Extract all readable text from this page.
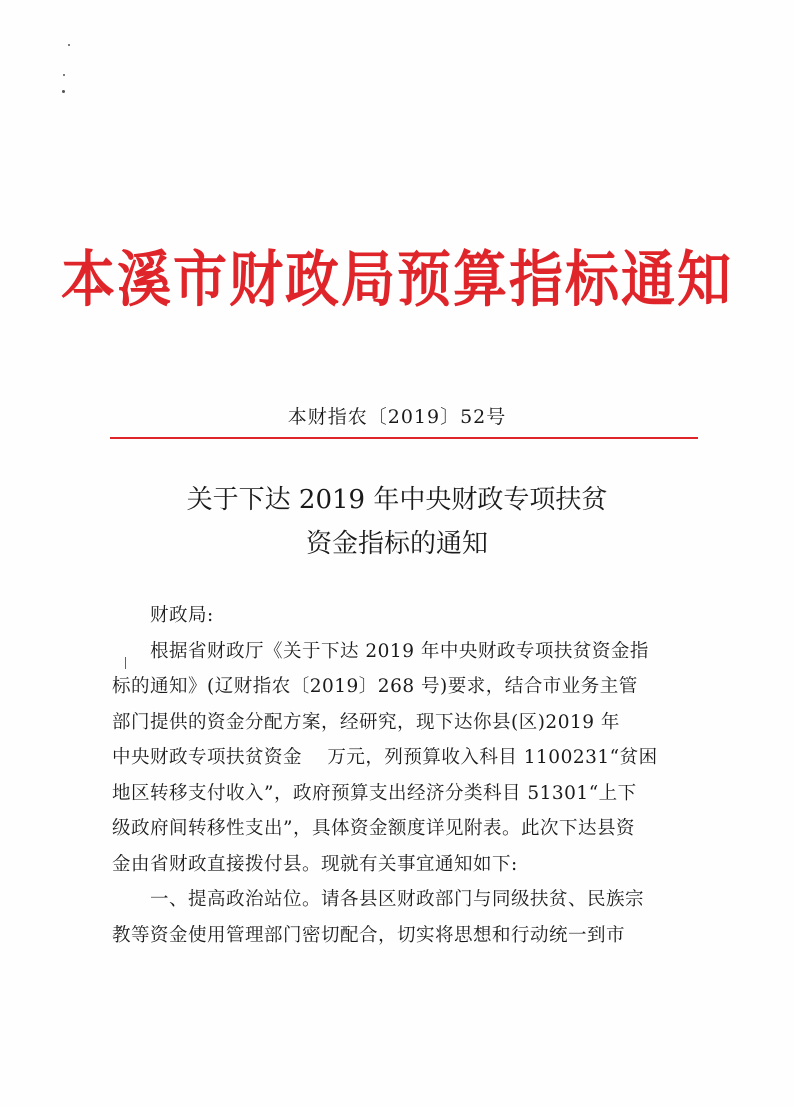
本溪市财政局预算指标通知
本财指农〔2019〕52号
关于下达 2019 年中央财政专项扶贫
资金指标的通知

财政局:

根据省财政厅《关于下达 2019 年中央财政专项扶贫资金指

标的通知》(辽财指农〔2019〕268 号)要求，结合市业务主管

部门提供的资金分配方案，经研究，现下达你县(区)2019 年

中央财政专项扶贫资金　 万元，列预算收入科目 1100231“贫困

地区转移支付收入”，政府预算支出经济分类科目 51301“上下

级政府间转移性支出”，具体资金额度详见附表。此次下达县资

金由省财政直接拨付县。现就有关事宜通知如下:

一、提高政治站位。请各县区财政部门与同级扶贫、民族宗

教等资金使用管理部门密切配合，切实将思想和行动统一到市
